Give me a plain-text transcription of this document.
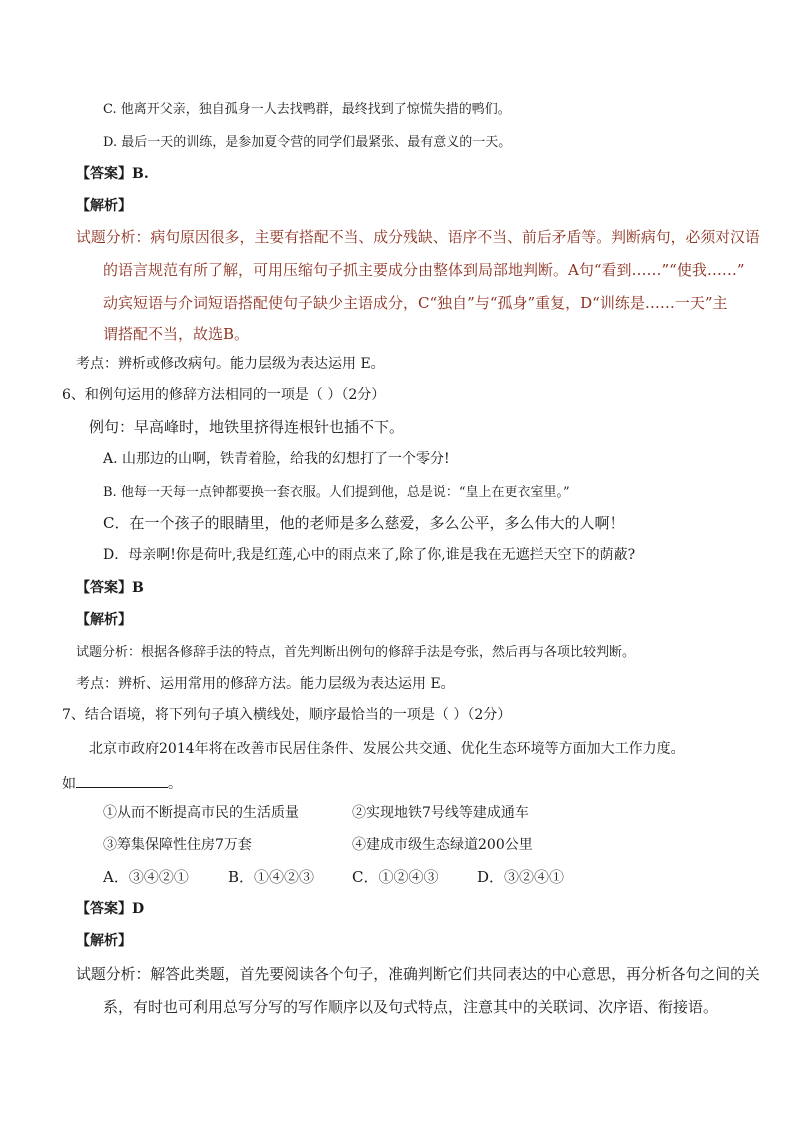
C. 他离开父亲，独自孤身一人去找鸭群，最终找到了惊慌失措的鸭们。
D. 最后一天的训练，是参加夏令营的同学们最紧张、最有意义的一天。
【答案】B.
【解析】
试题分析：病句原因很多，主要有搭配不当、成分残缺、语序不当、前后矛盾等。判断病句，必须对汉语
的语言规范有所了解，可用压缩句子抓主要成分由整体到局部地判断。A句“看到……”“使我……”
动宾短语与介词短语搭配使句子缺少主语成分，C“独自”与“孤身”重复，D“训练是……一天”主
谓搭配不当，故选B。
考点：辨析或修改病句。能力层级为表达运用 E。
6、和例句运用的修辞方法相同的一项是（ ）（2分）
例句：早高峰时，地铁里挤得连根针也插不下。
A. 山那边的山啊，铁青着脸，给我的幻想打了一个零分!
B. 他每一天每一点钟都要换一套衣服。人们提到他，总是说：“皇上在更衣室里。”
C．在一个孩子的眼睛里，他的老师是多么慈爱，多么公平，多么伟大的人啊！
D．母亲啊!你是荷叶,我是红莲,心中的雨点来了,除了你,谁是我在无遮拦天空下的荫蔽?
【答案】B
【解析】
试题分析：根据各修辞手法的特点，首先判断出例句的修辞手法是夸张，然后再与各项比较判断。
考点：辨析、运用常用的修辞方法。能力层级为表达运用 E。
7、结合语境，将下列句子填入横线处，顺序最恰当的一项是（ ）（2分）
北京市政府2014年将在改善市民居住条件、发展公共交通、优化生态环境等方面加大工作力度。
如	。
①从而不断提高市民的生活质量	②实现地铁7号线等建成通车
③筹集保障性住房7万套	④建成市级生态绿道200公里
A．③④②①	B．①④②③	C．①②④③	D．③②④①
【答案】D
【解析】
试题分析：解答此类题，首先要阅读各个句子，准确判断它们共同表达的中心意思，再分析各句之间的关
系，有时也可利用总写分写的写作顺序以及句式特点，注意其中的关联词、次序语、衔接语。
